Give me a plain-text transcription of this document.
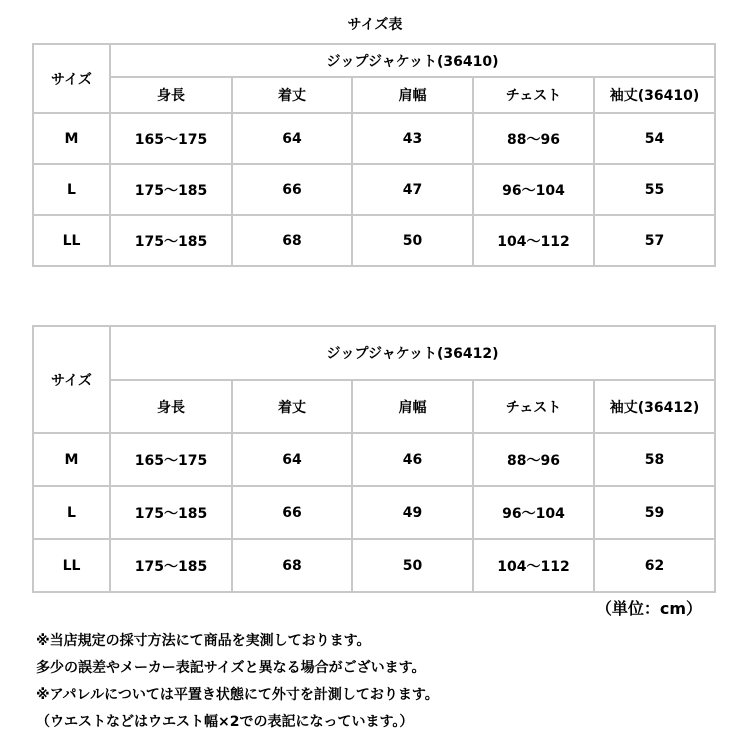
サイズ表
サイズ	ジップジャケット(36410)				
	身長	着丈	肩幅	チェスト	袖丈(36410)
M	165〜175	64	43	88〜96	54
L	175〜185	66	47	96〜104	55
LL	175〜185	68	50	104〜112	57
サイズ	ジップジャケット(36412)				
	身長	着丈	肩幅	チェスト	袖丈(36412)
M	165〜175	64	46	88〜96	58
L	175〜185	66	49	96〜104	59
LL	175〜185	68	50	104〜112	62
（単位：cm）
※当店規定の採寸方法にて商品を実測しております。
多少の誤差やメーカー表記サイズと異なる場合がございます。
※アパレルについては平置き状態にて外寸を計測しております。
（ウエストなどはウエスト幅×2での表記になっています。）
